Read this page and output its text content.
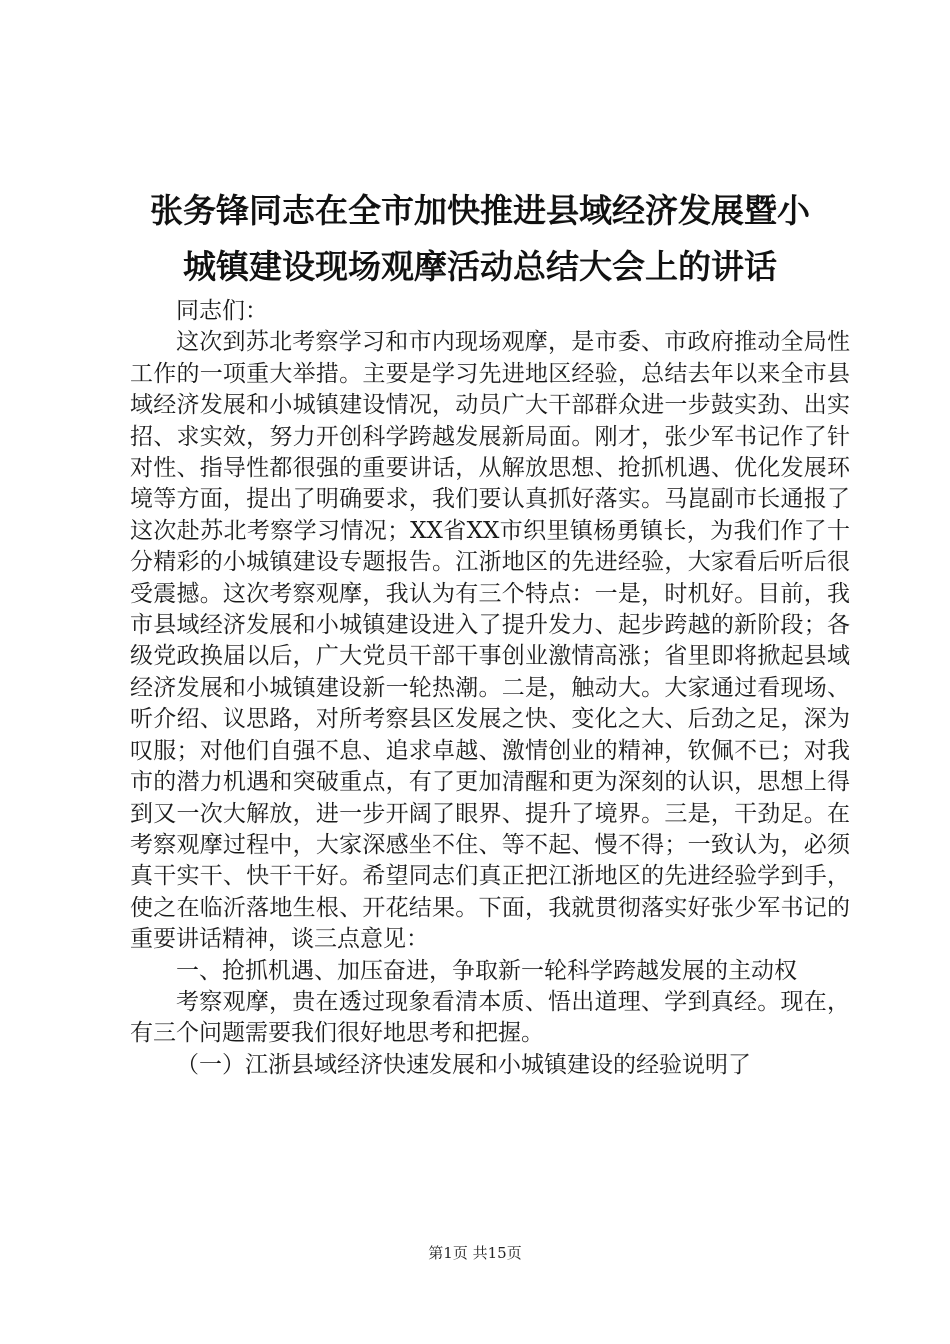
张务锋同志在全市加快推进县域经济发展暨小
城镇建设现场观摩活动总结大会上的讲话

同志们：

这次到苏北考察学习和市内现场观摩，是市委、市政府推动全局性工作的一项重大举措。主要是学习先进地区经验，总结去年以来全市县域经济发展和小城镇建设情况，动员广大干部群众进一步鼓实劲、出实招、求实效，努力开创科学跨越发展新局面。刚才，张少军书记作了针对性、指导性都很强的重要讲话，从解放思想、抢抓机遇、优化发展环境等方面，提出了明确要求，我们要认真抓好落实。马崑副市长通报了这次赴苏北考察学习情况；XX省XX市织里镇杨勇镇长，为我们作了十分精彩的小城镇建设专题报告。江浙地区的先进经验，大家看后听后很受震撼。这次考察观摩，我认为有三个特点：一是，时机好。目前，我市县域经济发展和小城镇建设进入了提升发力、起步跨越的新阶段；各级党政换届以后，广大党员干部干事创业激情高涨；省里即将掀起县域经济发展和小城镇建设新一轮热潮。二是，触动大。大家通过看现场、听介绍、议思路，对所考察县区发展之快、变化之大、后劲之足，深为叹服；对他们自强不息、追求卓越、激情创业的精神，钦佩不已；对我市的潜力机遇和突破重点，有了更加清醒和更为深刻的认识，思想上得到又一次大解放，进一步开阔了眼界、提升了境界。三是，干劲足。在考察观摩过程中，大家深感坐不住、等不起、慢不得；一致认为，必须真干实干、快干干好。希望同志们真正把江浙地区的先进经验学到手，使之在临沂落地生根、开花结果。下面，我就贯彻落实好张少军书记的重要讲话精神，谈三点意见：

一、抢抓机遇、加压奋进，争取新一轮科学跨越发展的主动权

考察观摩，贵在透过现象看清本质、悟出道理、学到真经。现在，有三个问题需要我们很好地思考和把握。

（一）江浙县域经济快速发展和小城镇建设的经验说明了

第1页 共15页
